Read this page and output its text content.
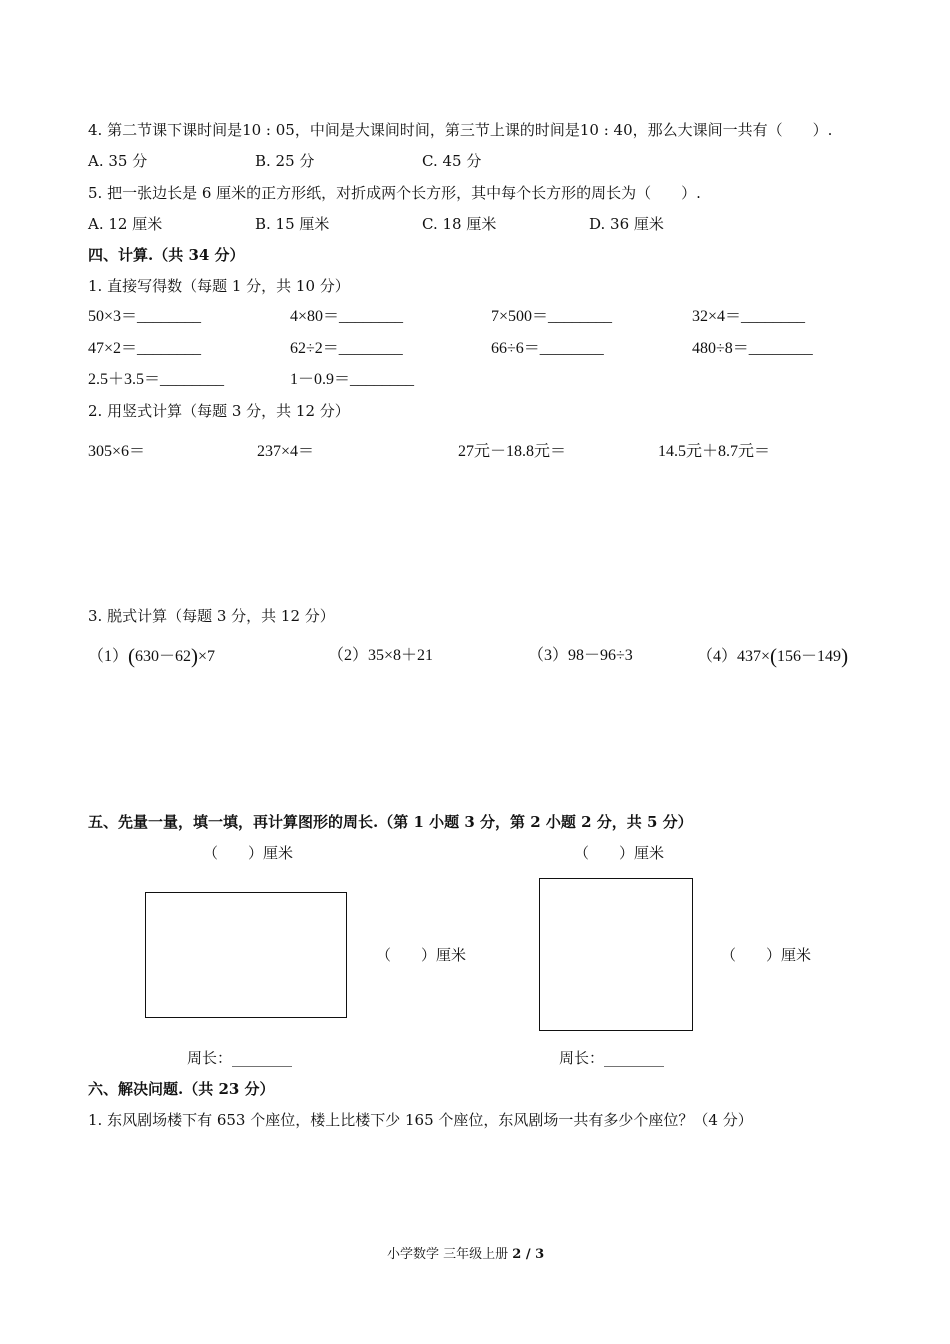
4. 第二节课下课时间是10 : 05，中间是大课间时间，第三节上课的时间是10 : 40，那么大课间一共有（　　）.
A. 35 分	B. 25 分	C. 45 分
5. 把一张边长是 6 厘米的正方形纸，对折成两个长方形，其中每个长方形的周长为（　　）.
A. 12 厘米	B. 15 厘米	C. 18 厘米	D. 36 厘米
四、计算.（共 34 分）
1. 直接写得数（每题 1 分，共 10 分）
50×3＝________	4×80＝________	7×500＝________	32×4＝________
47×2＝________	62÷2＝________	66÷6＝________	480÷8＝________
2.5＋3.5＝________	1－0.9＝________
2. 用竖式计算（每题 3 分，共 12 分）
305×6＝	237×4＝	27元－18.8元＝	14.5元＋8.7元＝
3. 脱式计算（每题 3 分，共 12 分）
（1）(630－62)×7	（2）35×8＋21	（3）98－96÷3	（4）437×(156－149)
五、先量一量，填一填，再计算图形的周长.（第 1 小题 3 分，第 2 小题 2 分，共 5 分）
（　　）厘米
（　　）厘米
周长：________
（　　）厘米
（　　）厘米
周长：________
六、解决问题.（共 23 分）
1. 东风剧场楼下有 653 个座位，楼上比楼下少 165 个座位，东风剧场一共有多少个座位？（4 分）
小学数学 三年级上册 2 / 3
